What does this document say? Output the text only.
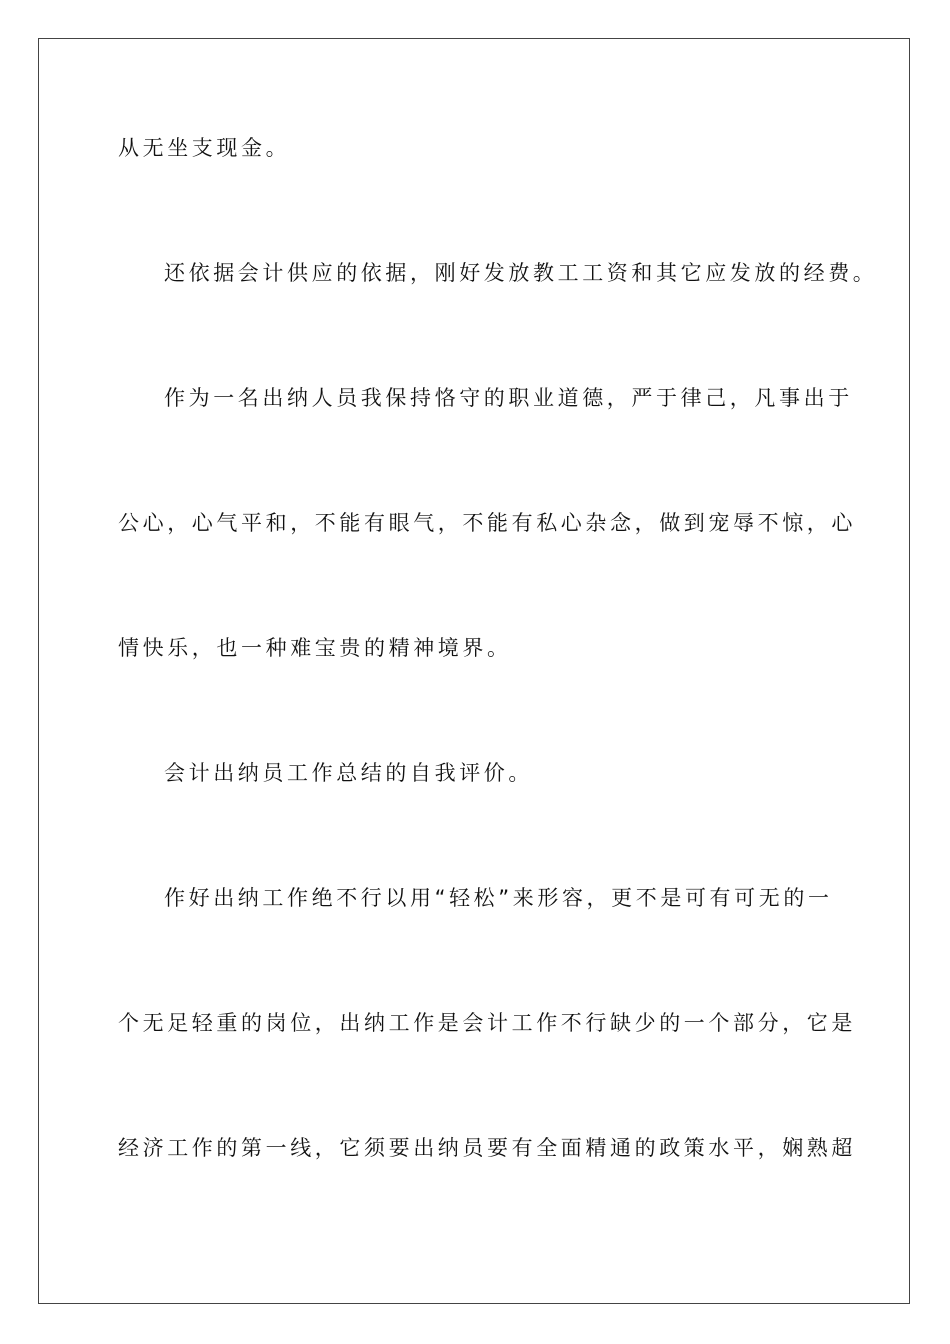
从无坐支现金。
还依据会计供应的依据，刚好发放教工工资和其它应发放的经费。
作为一名出纳人员我保持恪守的职业道德，严于律己，凡事出于
公心，心气平和，不能有眼气，不能有私心杂念，做到宠辱不惊，心
情快乐，也一种难宝贵的精神境界。
会计出纳员工作总结的自我评价。
作好出纳工作绝不行以用“轻松”来形容，更不是可有可无的一
个无足轻重的岗位，出纳工作是会计工作不行缺少的一个部分，它是
经济工作的第一线，它须要出纳员要有全面精通的政策水平，娴熟超
